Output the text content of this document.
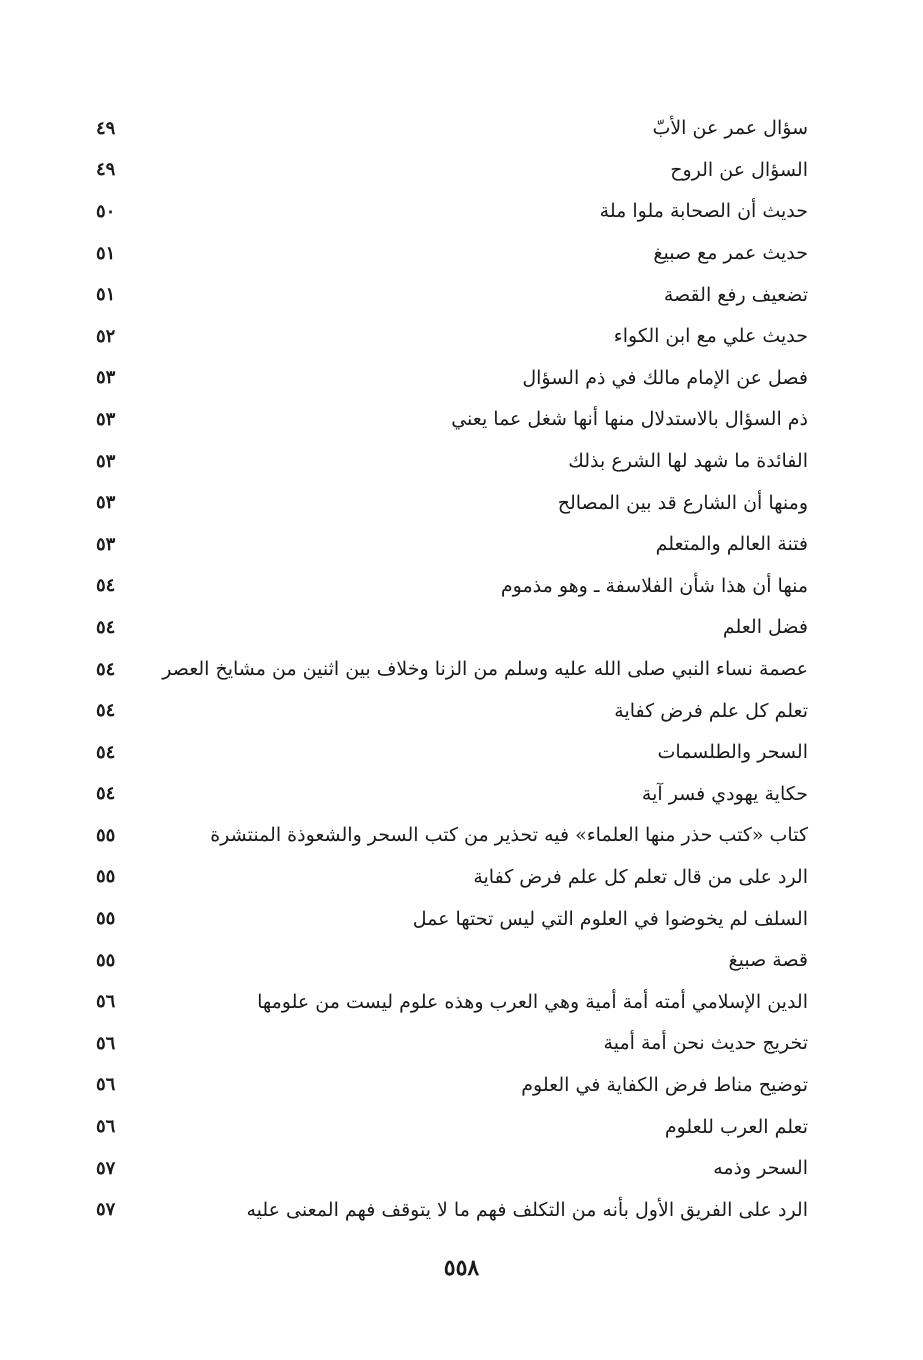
سؤال عمر عن الأبّ
٤٩
السؤال عن الروح
٤٩
حديث أن الصحابة ملوا ملة
٥٠
حديث عمر مع صبيغ
٥١
تضعيف رفع القصة
٥١
حديث علي مع ابن الكواء
٥٢
فصل عن الإمام مالك في ذم السؤال
٥٣
ذم السؤال بالاستدلال منها أنها شغل عما يعني
٥٣
الفائدة ما شهد لها الشرع بذلك
٥٣
ومنها أن الشارع قد بين المصالح
٥٣
فتنة العالم والمتعلم
٥٣
منها أن هذا شأن الفلاسفة ـ وهو مذموم
٥٤
فضل العلم
٥٤
عصمة نساء النبي صلى الله عليه وسلم من الزنا وخلاف بين اثنين من مشايخ العصر
٥٤
تعلم كل علم فرض كفاية
٥٤
السحر والطلسمات
٥٤
حكاية يهودي فسر آية
٥٤
كتاب «كتب حذر منها العلماء» فيه تحذير من كتب السحر والشعوذة المنتشرة
٥٥
الرد على من قال تعلم كل علم فرض كفاية
٥٥
السلف لم يخوضوا في العلوم التي ليس تحتها عمل
٥٥
قصة صبيغ
٥٥
الدين الإسلامي أمته أمة أمية وهي العرب وهذه علوم ليست من علومها
٥٦
تخريج حديث نحن أمة أمية
٥٦
توضيح مناط فرض الكفاية في العلوم
٥٦
تعلم العرب للعلوم
٥٦
السحر وذمه
٥٧
الرد على الفريق الأول بأنه من التكلف فهم ما لا يتوقف فهم المعنى عليه
٥٧
٥٥٨
